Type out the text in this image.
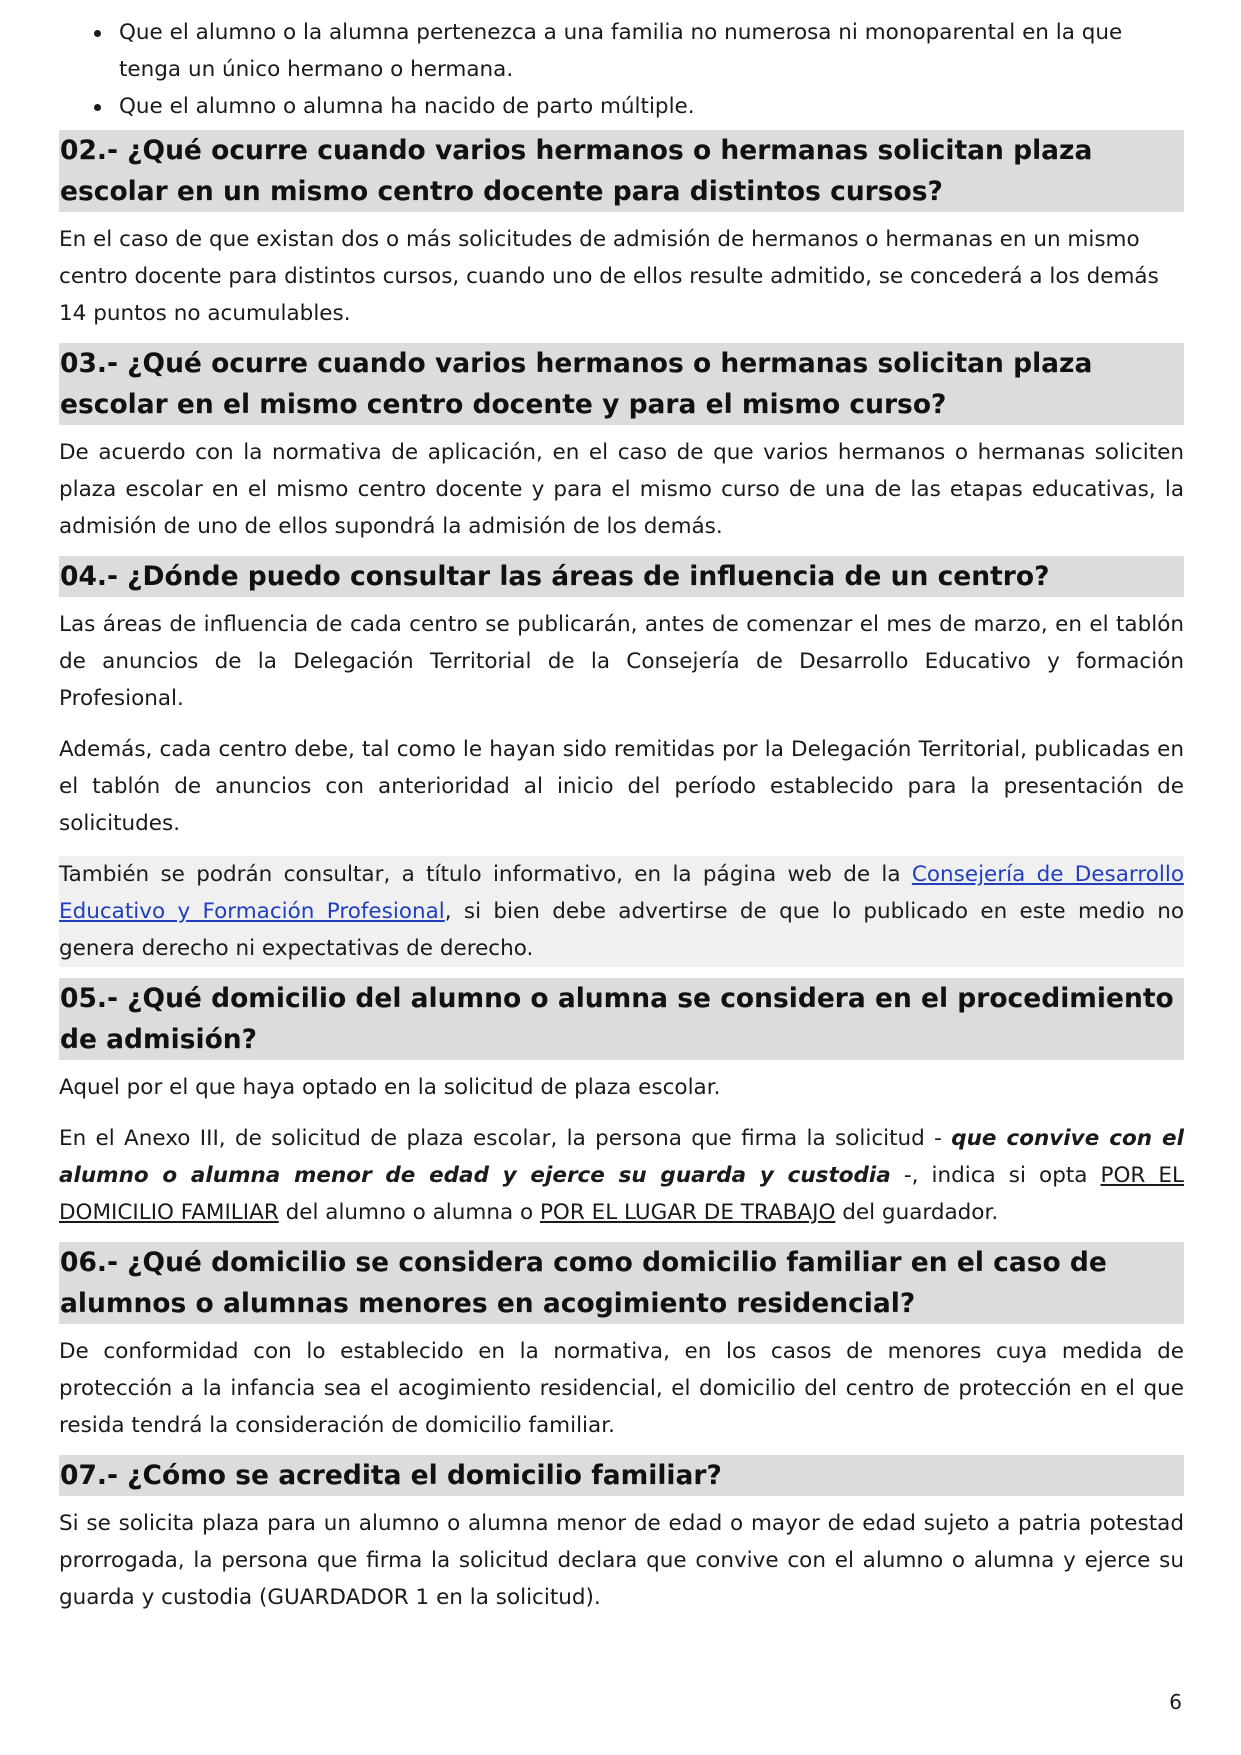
Que el alumno o la alumna pertenezca a una familia no numerosa ni monoparental en la que tenga un único hermano o hermana.
Que el alumno o alumna ha nacido de parto múltiple.
02.- ¿Qué ocurre cuando varios hermanos o hermanas solicitan plaza escolar en un mismo centro docente para distintos cursos?

En el caso de que existan dos o más solicitudes de admisión de hermanos o hermanas en un mismo centro docente para distintos cursos, cuando uno de ellos resulte admitido, se concederá a los demás 14 puntos no acumulables.

03.- ¿Qué ocurre cuando varios hermanos o hermanas solicitan plaza escolar en el mismo centro docente y para el mismo curso?

De acuerdo con la normativa de aplicación, en el caso de que varios hermanos o hermanas soliciten plaza escolar en el mismo centro docente y para el mismo curso de una de las etapas educativas, la admisión de uno de ellos supondrá la admisión de los demás.

04.- ¿Dónde puedo consultar las áreas de influencia de un centro?

Las áreas de influencia de cada centro se publicarán, antes de comenzar el mes de marzo, en el tablón de anuncios de la Delegación Territorial de la Consejería de Desarrollo Educativo y formación Profesional.

Además, cada centro debe, tal como le hayan sido remitidas por la Delegación Territorial, publicadas en el tablón de anuncios con anterioridad al inicio del período establecido para la presentación de solicitudes.

También se podrán consultar, a título informativo, en la página web de la Consejería de Desarrollo Educativo y Formación Profesional, si bien debe advertirse de que lo publicado en este medio no genera derecho ni expectativas de derecho.

05.- ¿Qué domicilio del alumno o alumna se considera en el procedimiento de admisión?

Aquel por el que haya optado en la solicitud de plaza escolar.

En el Anexo III, de solicitud de plaza escolar, la persona que firma la solicitud - que convive con el alumno o alumna menor de edad y ejerce su guarda y custodia -, indica si opta POR EL DOMICILIO FAMILIAR del alumno o alumna o POR EL LUGAR DE TRABAJO del guardador.

06.- ¿Qué domicilio se considera como domicilio familiar en el caso de alumnos o alumnas menores en acogimiento residencial?

De conformidad con lo establecido en la normativa, en los casos de menores cuya medida de protección a la infancia sea el acogimiento residencial, el domicilio del centro de protección en el que resida tendrá la consideración de domicilio familiar.

07.- ¿Cómo se acredita el domicilio familiar?

Si se solicita plaza para un alumno o alumna menor de edad o mayor de edad sujeto a patria potestad prorrogada, la persona que firma la solicitud declara que convive con el alumno o alumna y ejerce su guarda y custodia (GUARDADOR 1 en la solicitud).

6
